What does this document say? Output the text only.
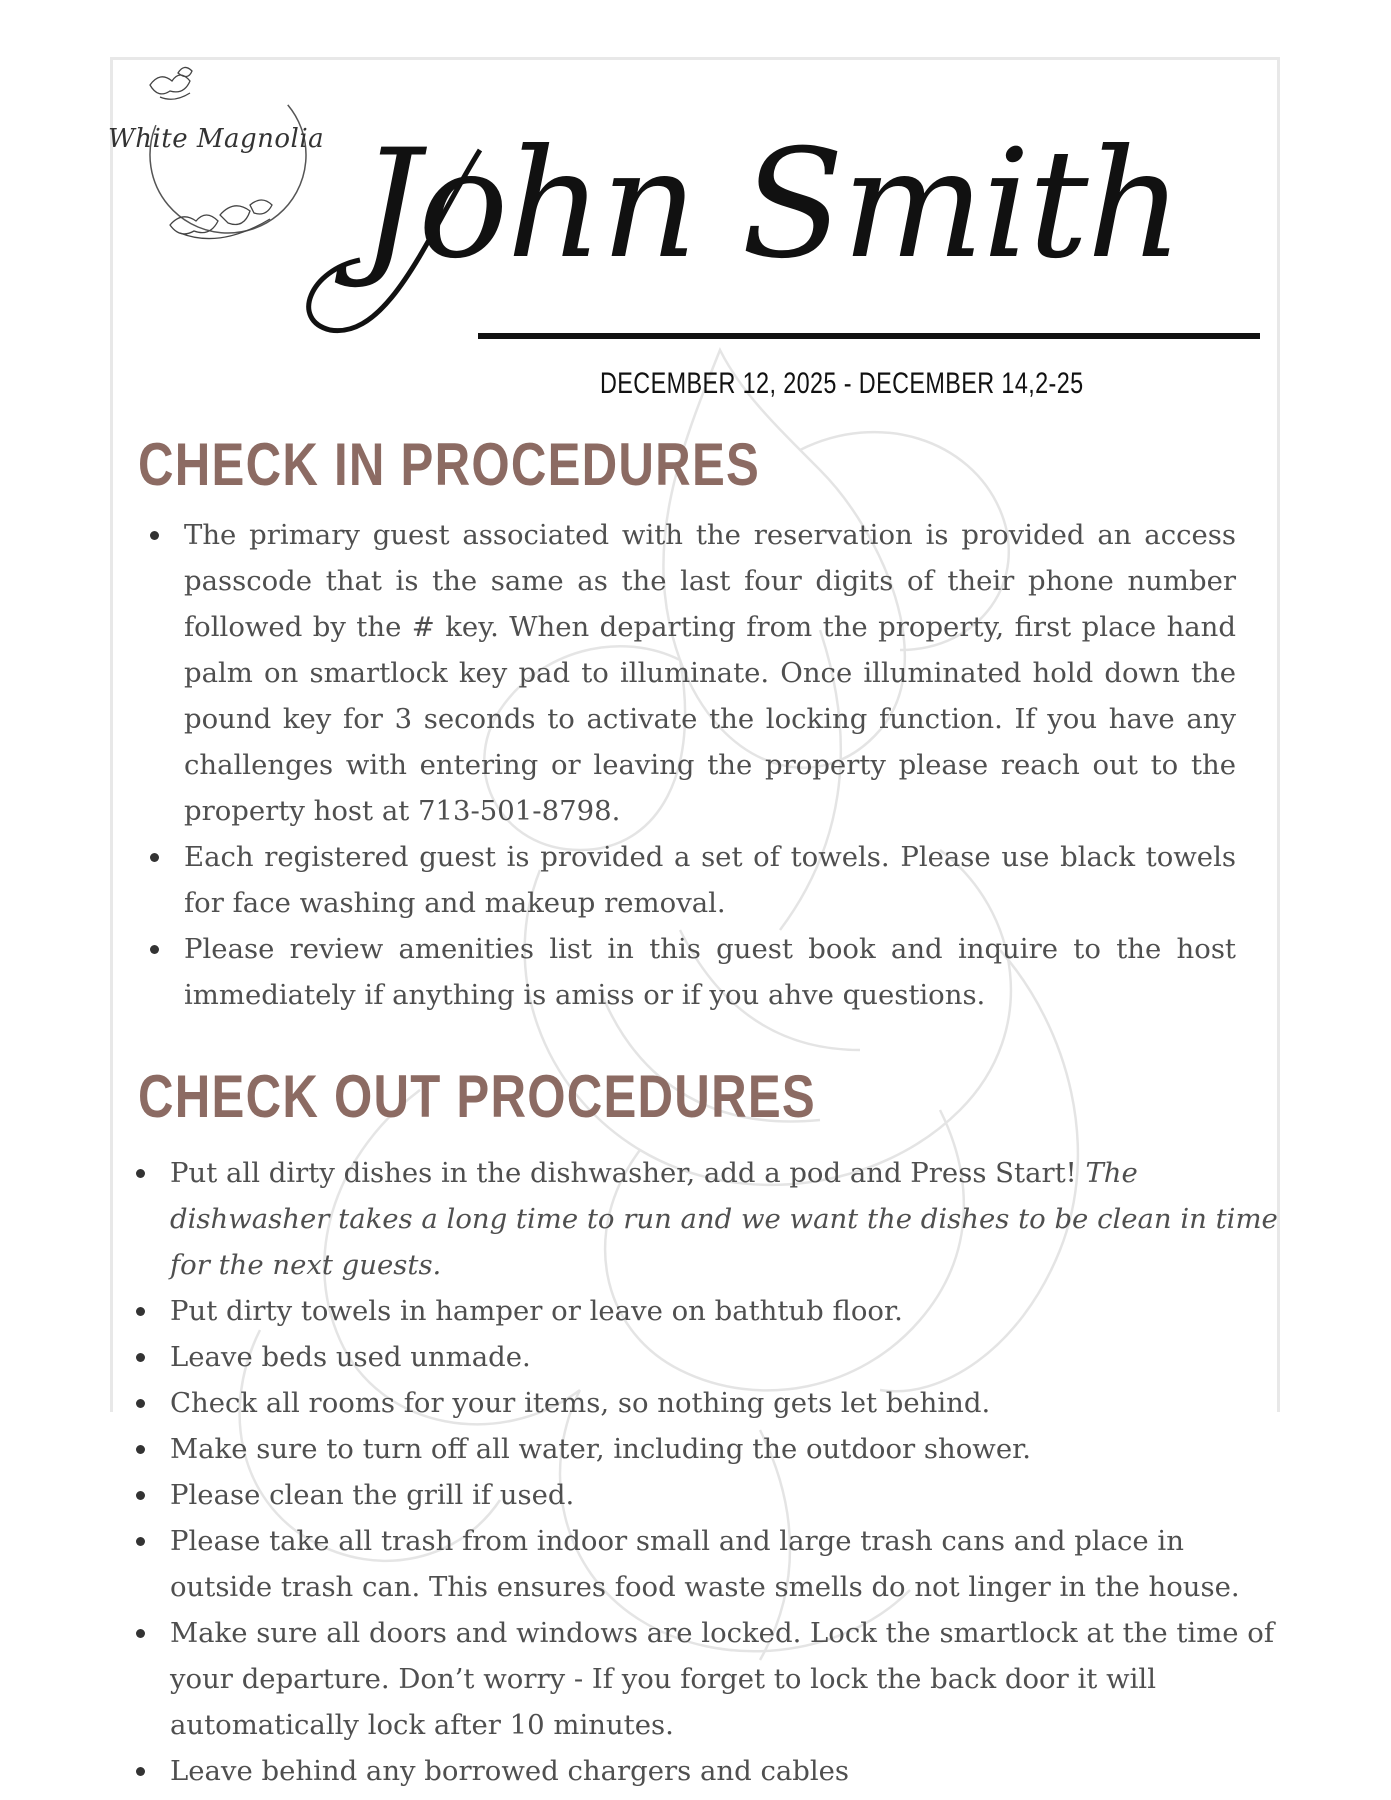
White Magnolia John Smith
DECEMBER 12, 2025 - DECEMBER 14,2-25
CHECK IN PROCEDURES
The primary guest associated with the reservation is provided an access passcode that is the same as the last four digits of their phone number followed by the # key. When departing from the property, first place hand palm on smartlock key pad to illuminate. Once illuminated hold down the pound key for 3 seconds to activate the locking function. If you have any challenges with entering or leaving the property please reach out to the property host at 713-501-8798.
Each registered guest is provided a set of towels. Please use black towels for face washing and makeup removal.
Please review amenities list in this guest book and inquire to the host immediately if anything is amiss or if you ahve questions.
CHECK OUT PROCEDURES
Put all dirty dishes in the dishwasher, add a pod and Press Start! The dishwasher takes a long time to run and we want the dishes to be clean in time for the next guests.
Put dirty towels in hamper or leave on bathtub floor.
Leave beds used unmade.
Check all rooms for your items, so nothing gets let behind.
Make sure to turn off all water, including the outdoor shower.
Please clean the grill if used.
Please take all trash from indoor small and large trash cans and place in outside trash can. This ensures food waste smells do not linger in the house.
Make sure all doors and windows are locked. Lock the smartlock at the time of your departure. Don’t worry - If you forget to lock the back door it will automatically lock after 10 minutes.
Leave behind any borrowed chargers and cables
